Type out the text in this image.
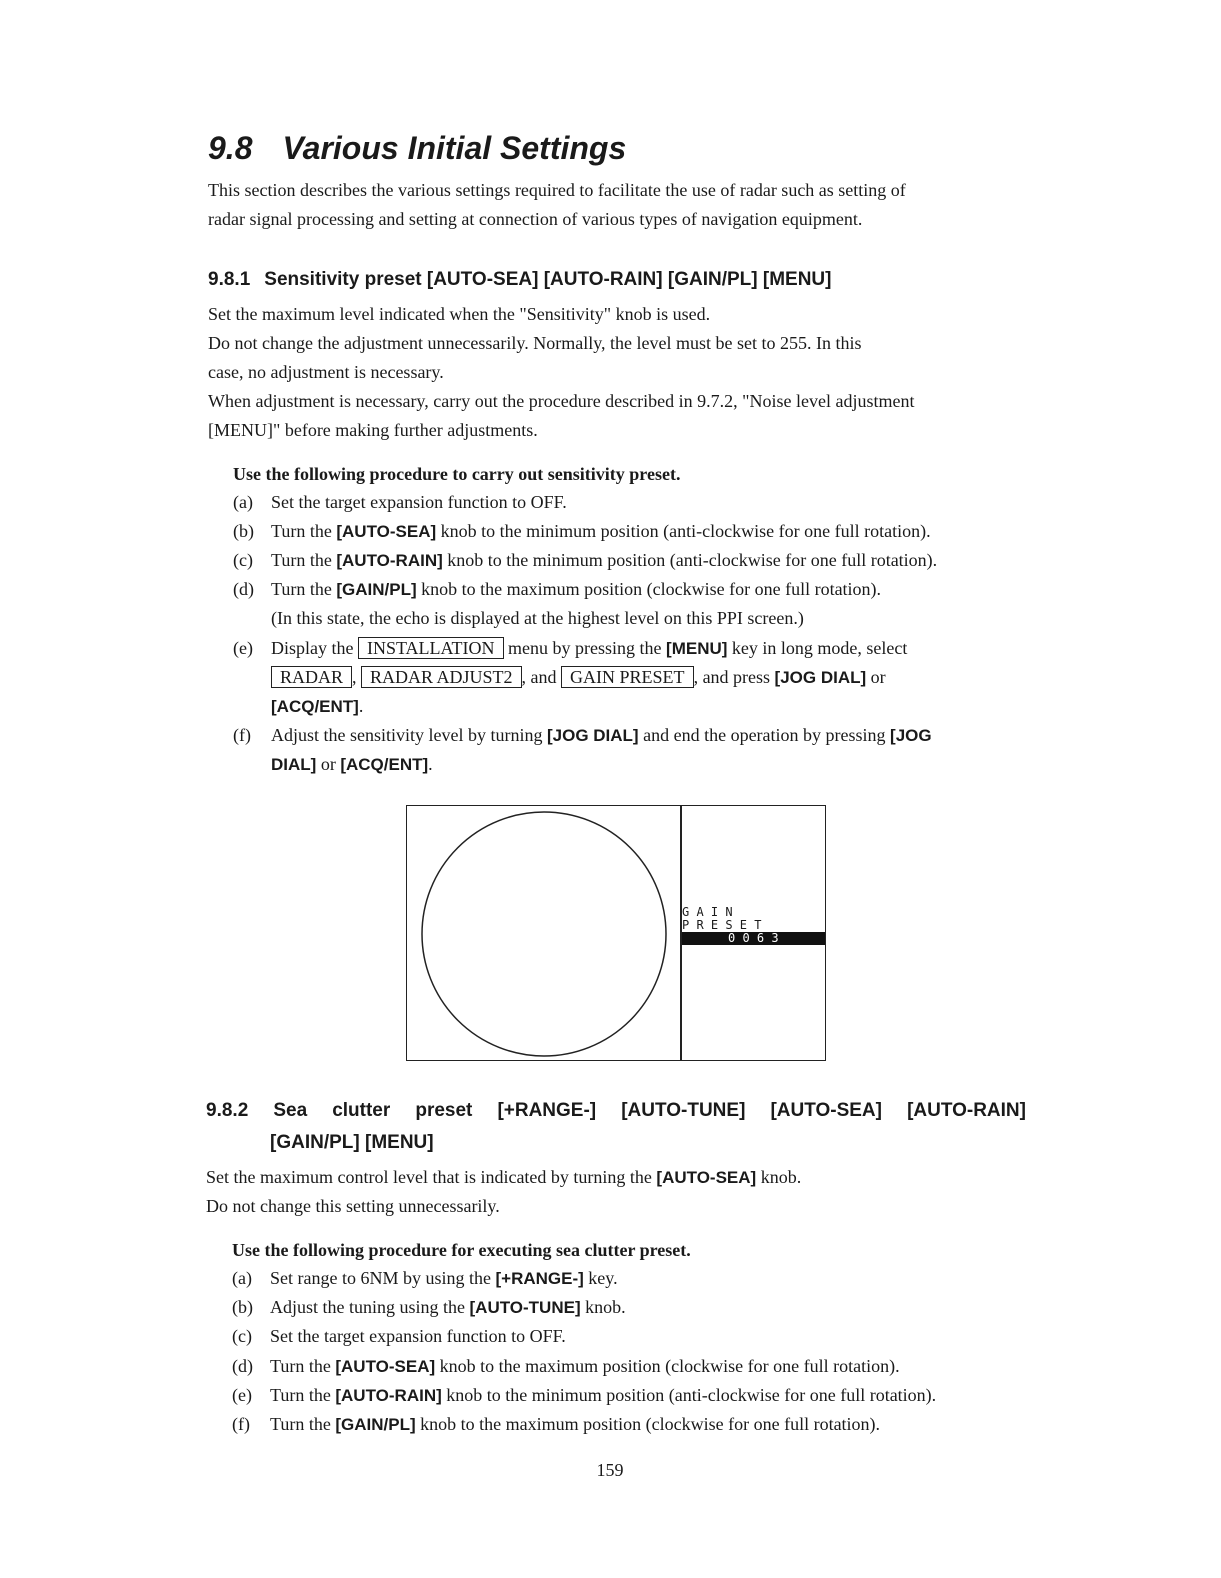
9.8 Various Initial Settings
This section describes the various settings required to facilitate the use of radar such as setting of
radar signal processing and setting at connection of various types of navigation equipment.
9.8.1 Sensitivity preset [AUTO-SEA] [AUTO-RAIN] [GAIN/PL] [MENU]
Set the maximum level indicated when the "Sensitivity" knob is used.
Do not change the adjustment unnecessarily. Normally, the level must be set to 255. In this
case, no adjustment is necessary.
When adjustment is necessary, carry out the procedure described in 9.7.2, "Noise level adjustment
[MENU]" before making further adjustments.
Use the following procedure to carry out sensitivity preset.
(a)	Set the target expansion function to OFF.
(b) Turn the [AUTO-SEA] knob to the minimum position (anti-clockwise for one full rotation).
(c)	Turn the [AUTO-RAIN] knob to the minimum position (anti-clockwise for one full rotation).
(d) Turn the [GAIN/PL] knob to the maximum position (clockwise for one full rotation).
(In this state, the echo is displayed at the highest level on this PPI screen.)
(e)	Display the INSTALLATION menu by pressing the [MENU] key in long mode, select
RADAR , RADAR ADJUST2 , and GAIN PRESET , and press [JOG DIAL] or
[ACQ/ENT].
(f)	Adjust the sensitivity level by turning [JOG DIAL] and end the operation by pressing [JOG
DIAL] or [ACQ/ENT].
G A I N
P R E S E T
0 0 6 3
9.8.2 Sea clutter preset [+RANGE-] [AUTO-TUNE] [AUTO-SEA] [AUTO-RAIN]
[GAIN/PL] [MENU]
Set the maximum control level that is indicated by turning the [AUTO-SEA] knob.
Do not change this setting unnecessarily.
Use the following procedure for executing sea clutter preset.
(a)	Set range to 6NM by using the [+RANGE-] key.
(b) Adjust the tuning using the [AUTO-TUNE] knob.
(c)	Set the target expansion function to OFF.
(d) Turn the [AUTO-SEA] knob to the maximum position (clockwise for one full rotation).
(e)	Turn the [AUTO-RAIN] knob to the minimum position (anti-clockwise for one full rotation).
(f)	Turn the [GAIN/PL] knob to the maximum position (clockwise for one full rotation).
159
